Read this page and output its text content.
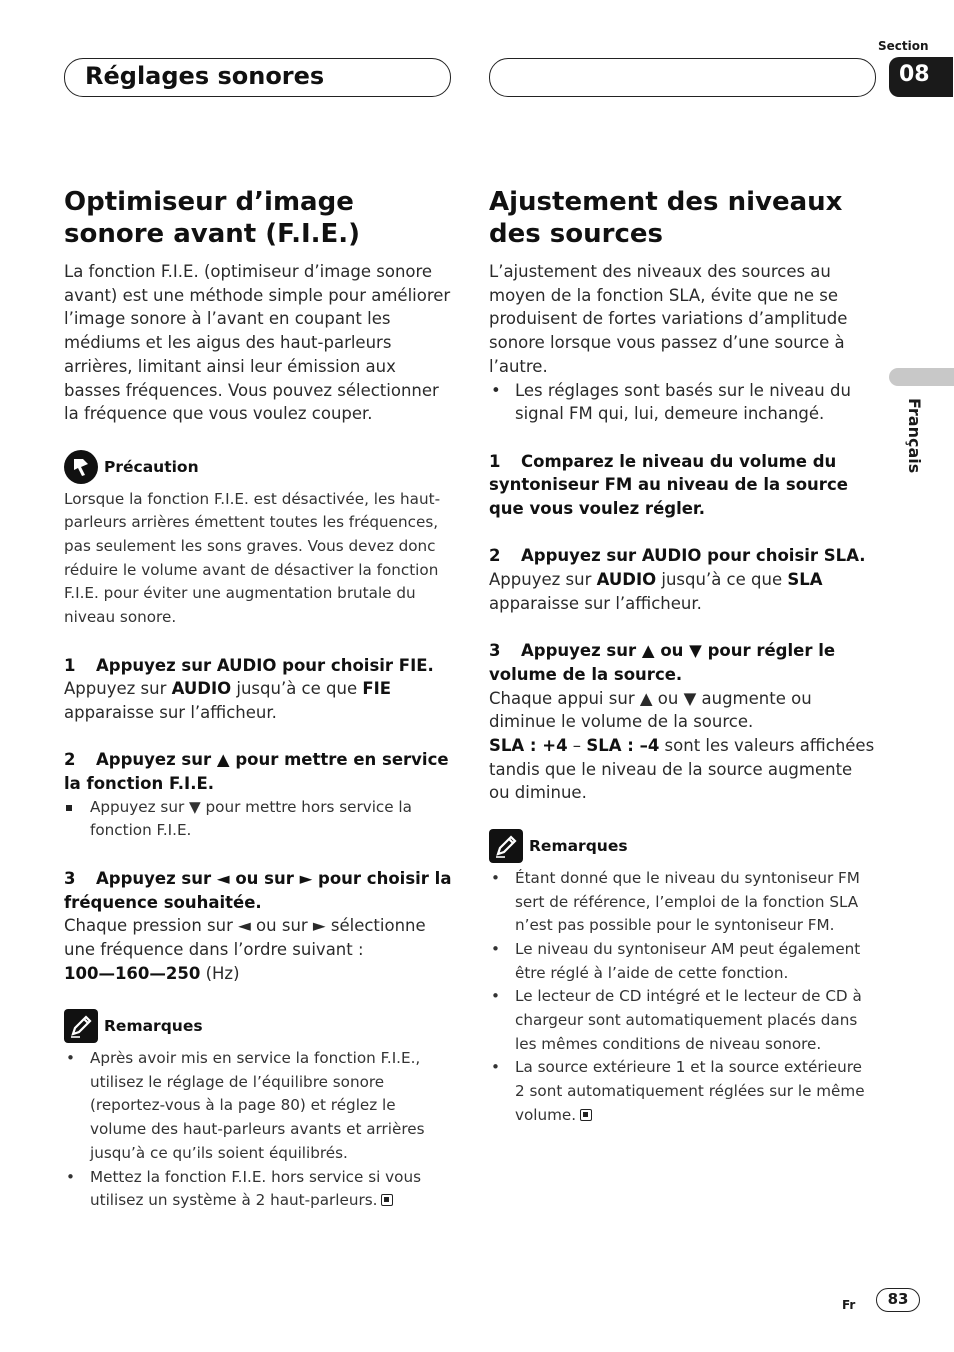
Réglages sonores
Section
08
Français
Optimiseur d’image sonore avant (F.I.E.)

La fonction F.I.E. (optimiseur d’image sonore avant) est une méthode simple pour améliorer l’image sonore à l’avant en coupant les médiums et les aigus des haut-parleurs arrières, limitant ainsi leur émission aux basses fréquences. Vous pouvez sélectionner la fréquence que vous voulez couper.

Précaution

Lorsque la fonction F.I.E. est désactivée, les haut-parleurs arrières émettent toutes les fréquences, pas seulement les sons graves. Vous devez donc réduire le volume avant de désactiver la fonction F.I.E. pour éviter une augmentation brutale du niveau sonore.

1 Appuyez sur AUDIO pour choisir FIE.

Appuyez sur AUDIO jusqu’à ce que FIE apparaisse sur l’afficheur.

2 Appuyez sur ▲ pour mettre en service la fonction F.I.E.
Appuyez sur ▼ pour mettre hors service la fonction F.I.E.
3 Appuyez sur ◄ ou sur ► pour choisir la fréquence souhaitée.

Chaque pression sur ◄ ou sur ► sélectionne une fréquence dans l’ordre suivant :

100—160—250 (Hz)

Remarques
• Après avoir mis en service la fonction F.I.E., utilisez le réglage de l’équilibre sonore (reportez-vous à la page 80) et réglez le volume des haut-parleurs avants et arrières jusqu’à ce qu’ils soient équilibrés.
• Mettez la fonction F.I.E. hors service si vous utilisez un système à 2 haut-parleurs.
Ajustement des niveaux des sources

L’ajustement des niveaux des sources au moyen de la fonction SLA, évite que ne se produisent de fortes variations d’amplitude sonore lorsque vous passez d’une source à l’autre.

• Les réglages sont basés sur le niveau du signal FM qui, lui, demeure inchangé.
1 Comparez le niveau du volume du syntoniseur FM au niveau de la source que vous voulez régler.
2 Appuyez sur AUDIO pour choisir SLA.

Appuyez sur AUDIO jusqu’à ce que SLA apparaisse sur l’afficheur.

3 Appuyez sur ▲ ou ▼ pour régler le volume de la source.

Chaque appui sur ▲ ou ▼ augmente ou diminue le volume de la source.

SLA : +4 – SLA : –4 sont les valeurs affichées tandis que le niveau de la source augmente ou diminue.

Remarques
• Étant donné que le niveau du syntoniseur FM sert de référence, l’emploi de la fonction SLA n’est pas possible pour le syntoniseur FM.
• Le niveau du syntoniseur AM peut également être réglé à l’aide de cette fonction.
• Le lecteur de CD intégré et le lecteur de CD à chargeur sont automatiquement placés dans les mêmes conditions de niveau sonore.
• La source extérieure 1 et la source extérieure 2 sont automatiquement réglées sur le même volume.
Fr	83
